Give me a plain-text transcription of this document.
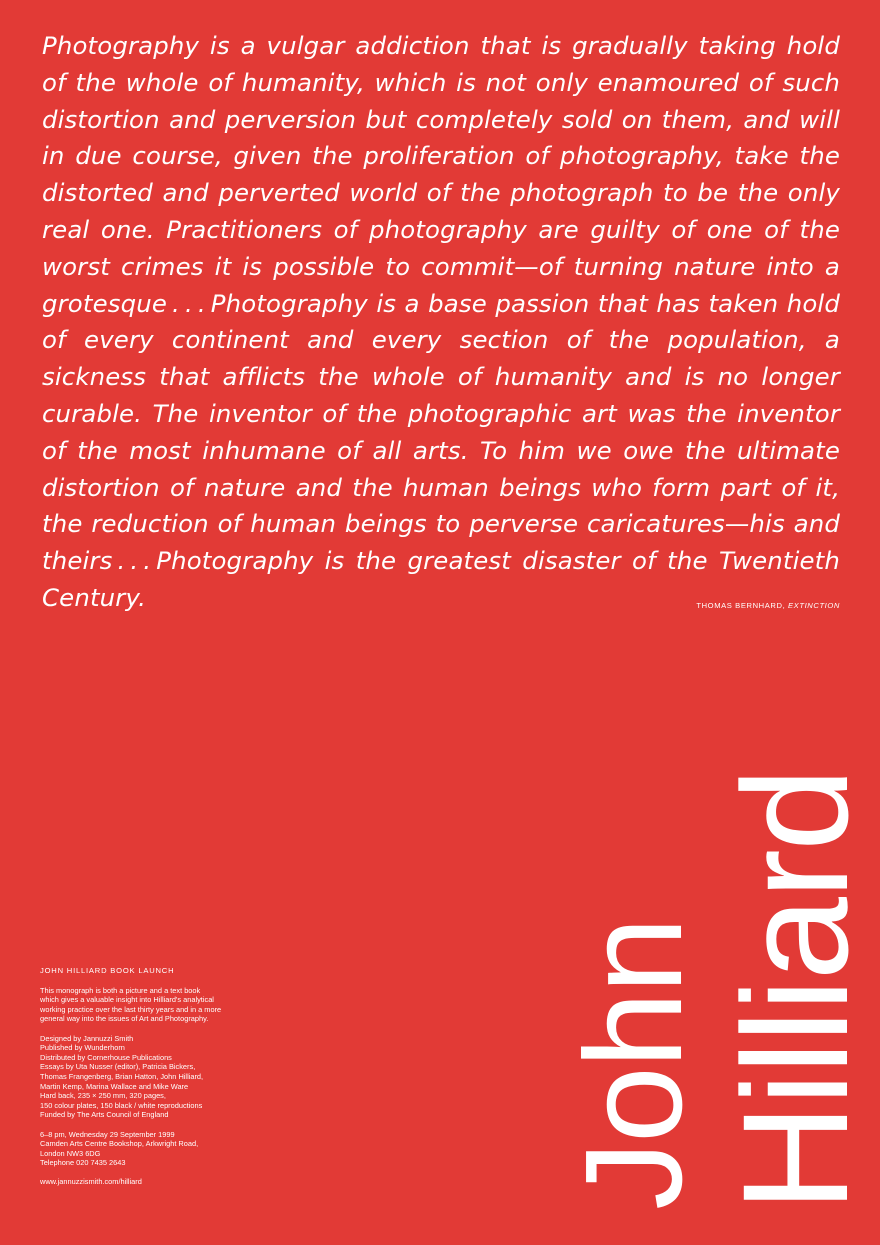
Photography is a vulgar addiction that is gradually taking hold of the whole of humanity, which is not only enamoured of such distortion and perversion but completely sold on them, and will in due course, given the proliferation of photography, take the distorted and perverted world of the photograph to be the only real one. Practitioners of photography are guilty of one of the worst crimes it is possible to commit—of turning nature into a grotesque . . . Photography is a base passion that has taken hold of every continent and every section of the population, a sickness that afflicts the whole of humanity and is no longer curable. The inventor of the photographic art was the inventor of the most inhumane of all arts. To him we owe the ultimate distortion of nature and the human beings who form part of it, the reduction of human beings to perverse caricatures—his and theirs . . . Photography is the greatest disaster of the Twentieth Century.	THOMAS BERNHARD, EXTINCTION
JOHN HILLIARD BOOK LAUNCH
This monograph is both a picture and a text book
which gives a valuable insight into Hilliard's analytical
working practice over the last thirty years and in a more
general way into the issues of Art and Photography.
Designed by Jannuzzi Smith
Published by Wunderhorn
Distributed by Cornerhouse Publications
Essays by Uta Nusser (editor), Patricia Bickers,
Thomas Frangenberg, Brian Hatton, John Hilliard,
Martin Kemp, Marina Wallace and Mike Ware
Hard back, 235 × 250 mm, 320 pages,
150 colour plates, 150 black / white reproductions
Funded by The Arts Council of England
6–8 pm, Wednesday 29 September 1999
Camden Arts Centre Bookshop, Arkwright Road,
London NW3 6DG
Telephone 020 7435 2643
www.jannuzzismith.com/hilliard	John Hilliard
